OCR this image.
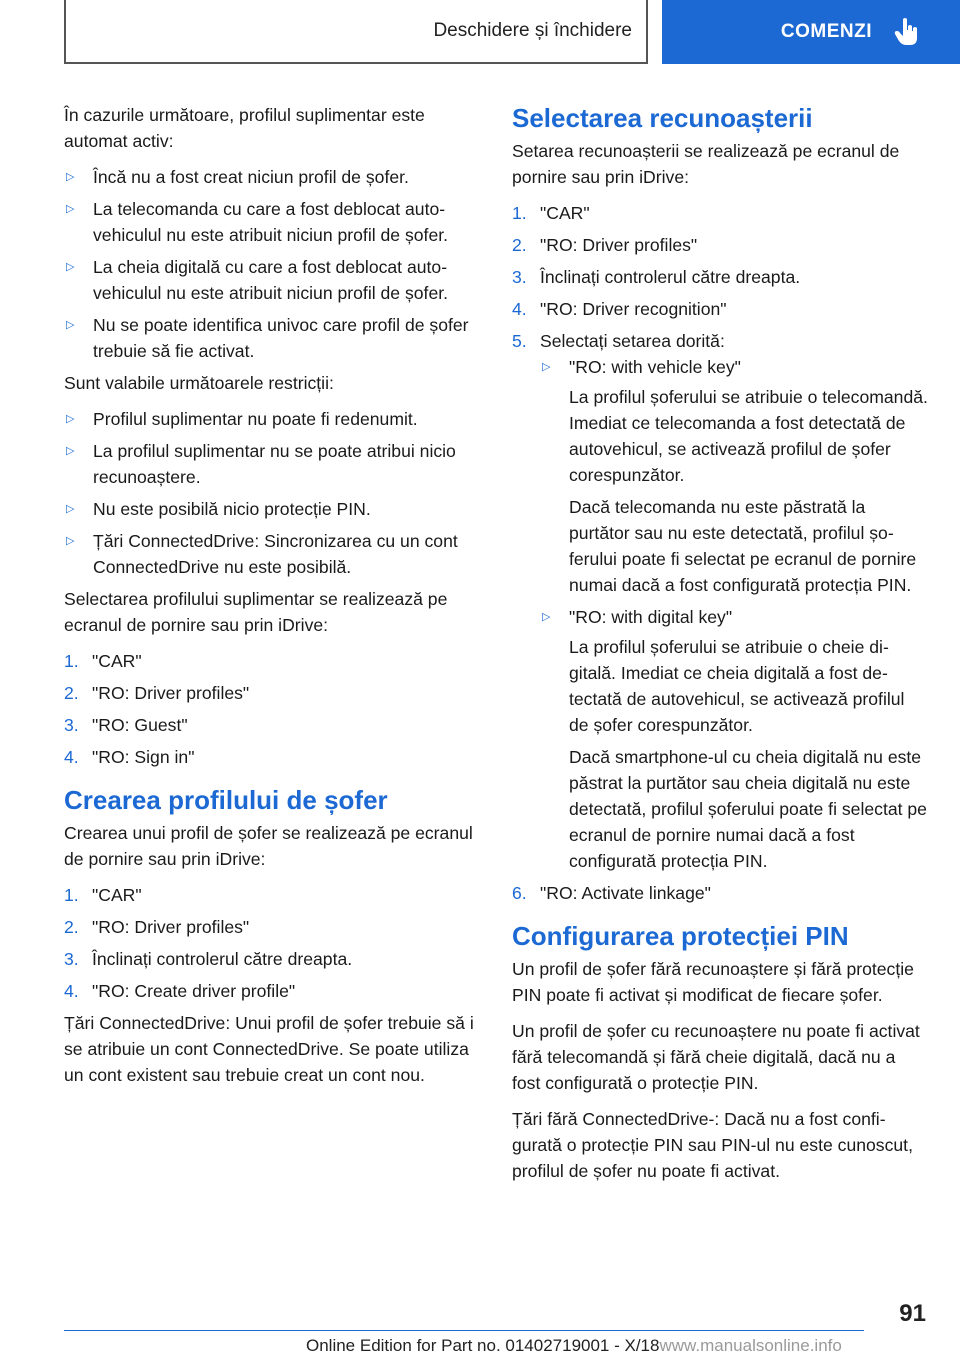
Deschidere și închidere	COMENZI

În cazurile următoare, profilul suplimentar este automat activ:

▷ Încă nu a fost creat niciun profil de șofer.
▷ La telecomanda cu care a fost deblocat autovehiculul nu este atribuit niciun profil de șofer.
▷ La cheia digitală cu care a fost deblocat autovehiculul nu este atribuit niciun profil de șofer.
▷ Nu se poate identifica univoc care profil de șofer trebuie să fie activat.

Sunt valabile următoarele restricții:

▷ Profilul suplimentar nu poate fi redenumit.
▷ La profilul suplimentar nu se poate atribui nicio recunoaștere.
▷ Nu este posibilă nicio protecție PIN.
▷ Țări ConnectedDrive: Sincronizarea cu un cont ConnectedDrive nu este posibilă.

Selectarea profilului suplimentar se realizează pe ecranul de pornire sau prin iDrive:

1. "CAR"
2. "RO: Driver profiles"
3. "RO: Guest"
4. "RO: Sign in"
Crearea profilului de șofer

Crearea unui profil de șofer se realizează pe ecranul de pornire sau prin iDrive:

1. "CAR"
2. "RO: Driver profiles"
3. Înclinați controlerul către dreapta.
4. "RO: Create driver profile"

Țări ConnectedDrive: Unui profil de șofer trebuie să i se atribuie un cont ConnectedDrive. Se poate utiliza un cont existent sau trebuie creat un cont nou.

Selectarea recunoașterii

Setarea recunoașterii se realizează pe ecranul de pornire sau prin iDrive:

1. "CAR"
2. "RO: Driver profiles"
3. Înclinați controlerul către dreapta.
4. "RO: Driver recognition"
5. Selectați setarea dorită:
▷ "RO: with vehicle key"

La profilul șoferului se atribuie o telecomandă. Imediat ce telecomanda a fost detectată de autovehicul, se activează profilul de șofer corespunzător.

Dacă telecomanda nu este păstrată la purtător sau nu este detectată, profilul șoferului poate fi selectat pe ecranul de pornire numai dacă a fost configurată protecția PIN.

▷ "RO: with digital key"

La profilul șoferului se atribuie o cheie digitală. Imediat ce cheia digitală a fost detectată de autovehicul, se activează profilul de șofer corespunzător.

Dacă smartphone-ul cu cheia digitală nu este păstrat la purtător sau cheia digitală nu este detectată, profilul șoferului poate fi selectat pe ecranul de pornire numai dacă a fost configurată protecția PIN.

6. "RO: Activate linkage"
Configurarea protecției PIN

Un profil de șofer fără recunoaștere și fără protecție PIN poate fi activat și modificat de fiecare șofer.

Un profil de șofer cu recunoaștere nu poate fi activat fără telecomandă și fără cheie digitală, dacă nu a fost configurată o protecție PIN.

Țări fără ConnectedDrive-: Dacă nu a fost configurată o protecție PIN sau PIN-ul nu este cunoscut, profilul de șofer nu poate fi activat.

91
Online Edition for Part no. 01402719001 - X/18www.manualsonline.info
